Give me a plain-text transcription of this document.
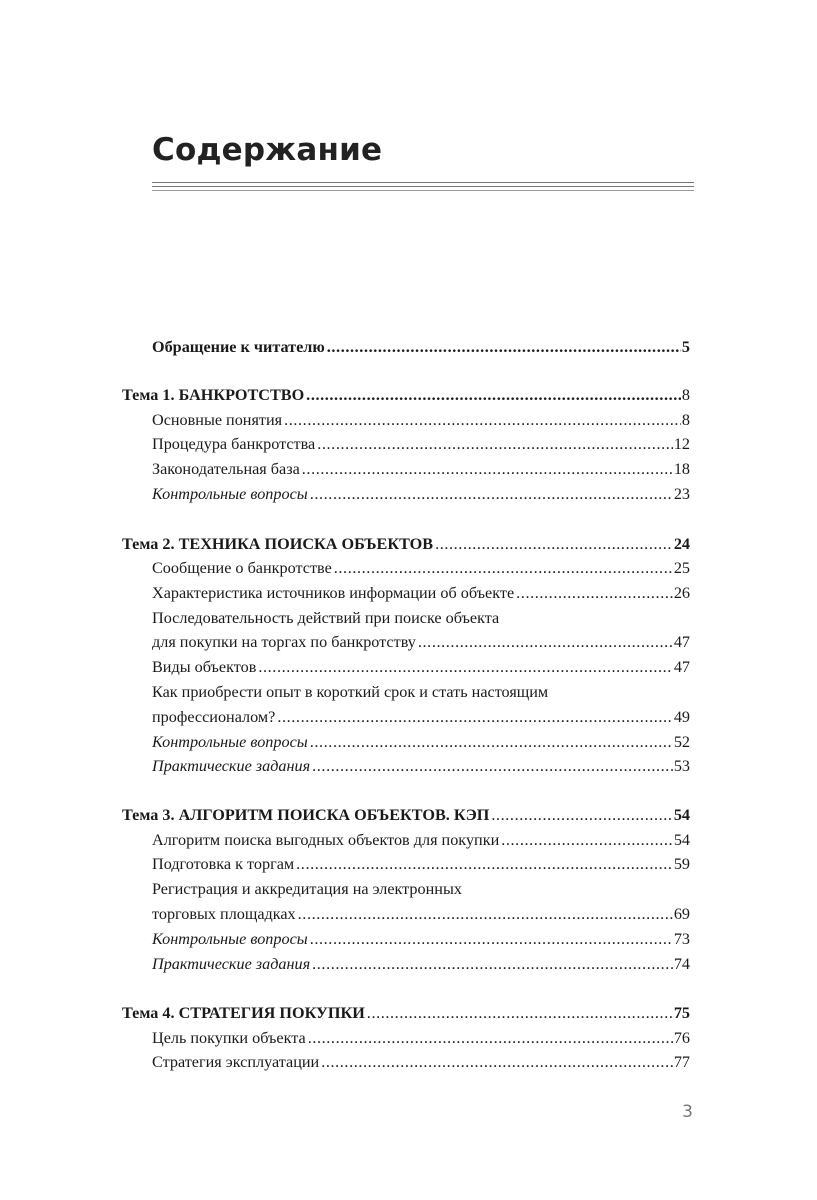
Содержание
Обращение к читателю .....	5
Тема 1. БАНКРОТСТВО .....	8
Основные понятия .....	8
Процедура банкротства .....	12
Законодательная база .....	18
Контрольные вопросы .....	23
Тема 2. ТЕХНИКА ПОИСКА ОБЪЕКТОВ .....	24
Сообщение о банкротстве .....	25
Характеристика источников информации об объекте .....	26
Последовательность действий при поиске объекта
для покупки на торгах по банкротству .....	47
Виды объектов .....	47
Как приобрести опыт в короткий срок и стать настоящим
профессионалом? .....	49
Контрольные вопросы .....	52
Практические задания .....	53
Тема 3. АЛГОРИТМ ПОИСКА ОБЪЕКТОВ. КЭП .....	54
Алгоритм поиска выгодных объектов для покупки .....	54
Подготовка к торгам .....	59
Регистрация и аккредитация на электронных
торговых площадках .....	69
Контрольные вопросы .....	73
Практические задания .....	74
Тема 4. СТРАТЕГИЯ ПОКУПКИ .....	75
Цель покупки объекта .....	76
Стратегия эксплуатации .....	77
3
